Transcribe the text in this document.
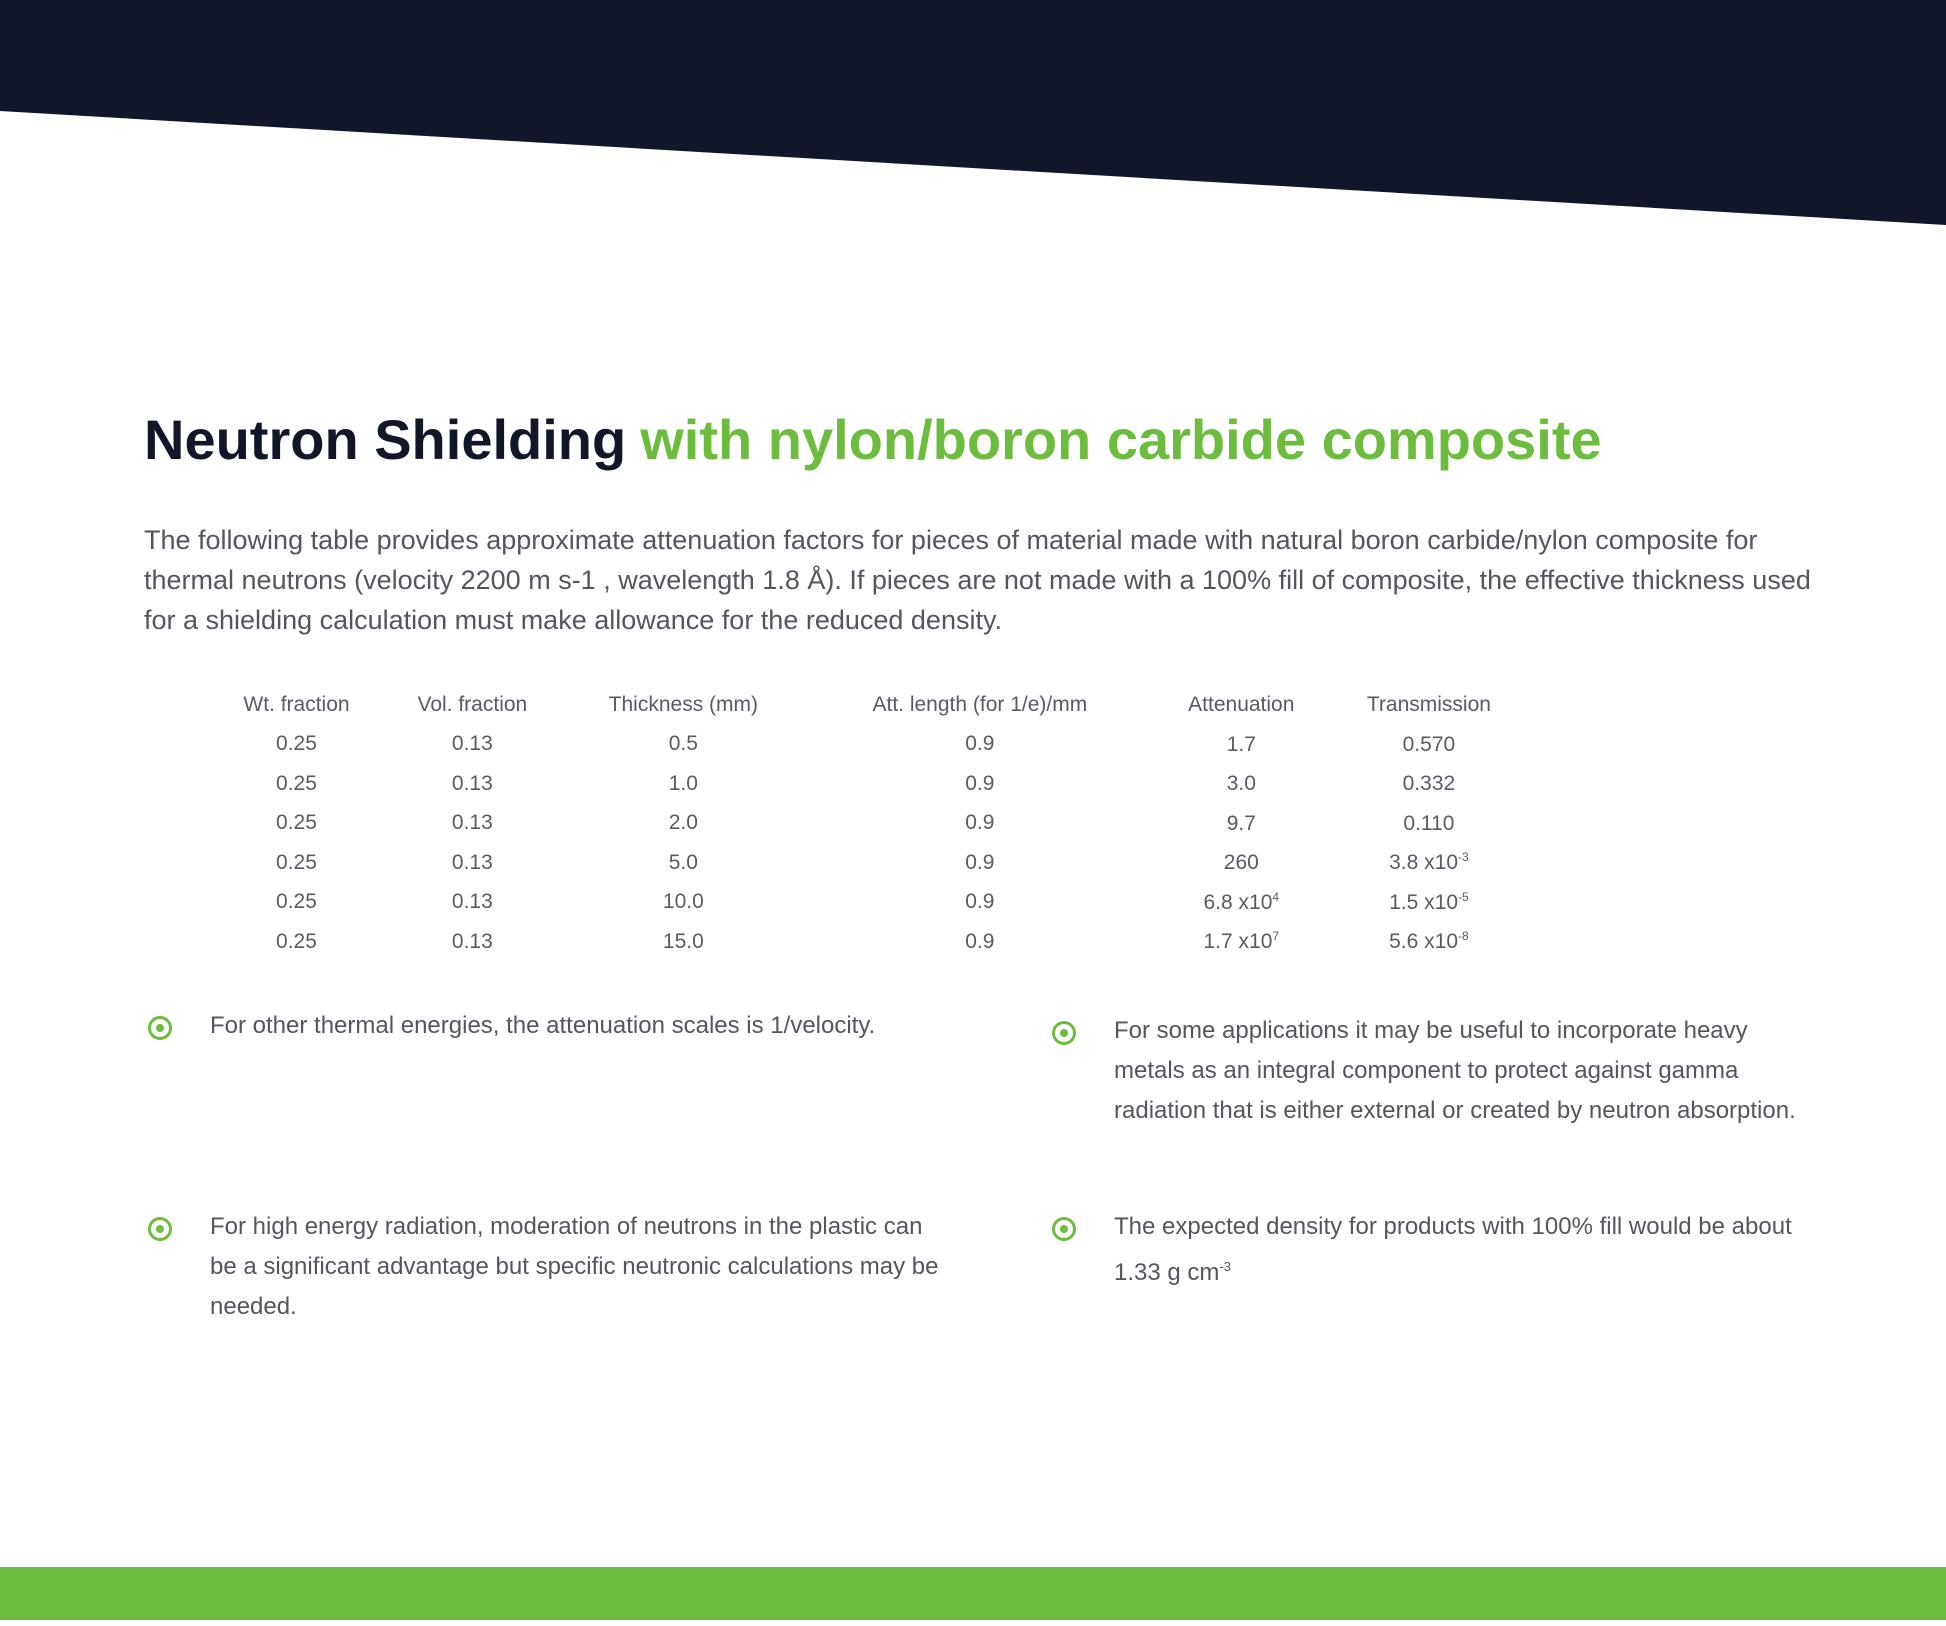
Neutron Shielding with nylon/boron carbide composite

The following table provides approximate attenuation factors for pieces of material made with natural boron carbide/nylon composite for thermal neutrons (velocity 2200 m s-1 , wavelength 1.8 Å). If pieces are not made with a 100% fill of composite, the effective thickness used for a shielding calculation must make allowance for the reduced density.

Wt. fraction	Vol. fraction	Thickness (mm)	Att. length (for 1/e)/mm	Attenuation	Transmission
0.25	0.13	0.5	0.9	1.7	0.570
0.25	0.13	1.0	0.9	3.0	0.332
0.25	0.13	2.0	0.9	9.7	0.110
0.25	0.13	5.0	0.9	260	3.8 $x10^{-3}$
0.25	0.13	10.0	0.9	6.8 $x10^4$	1.5 $x10^{-5}$
0.25	0.13	15.0	0.9	1.7 $x10^7$	5.6 $x10^{-8}$
For other thermal energies, the attenuation scales is 1/velocity.	For some applications it may be useful to incorporate heavy metals as an integral component to protect against gamma radiation that is either external or created by neutron absorption.
For high energy radiation, moderation of neutrons in the plastic can be a significant advantage but specific neutronic calculations may be needed.
The expected density for products with 100% fill would be about 1.33 g $cm^{-3}$
